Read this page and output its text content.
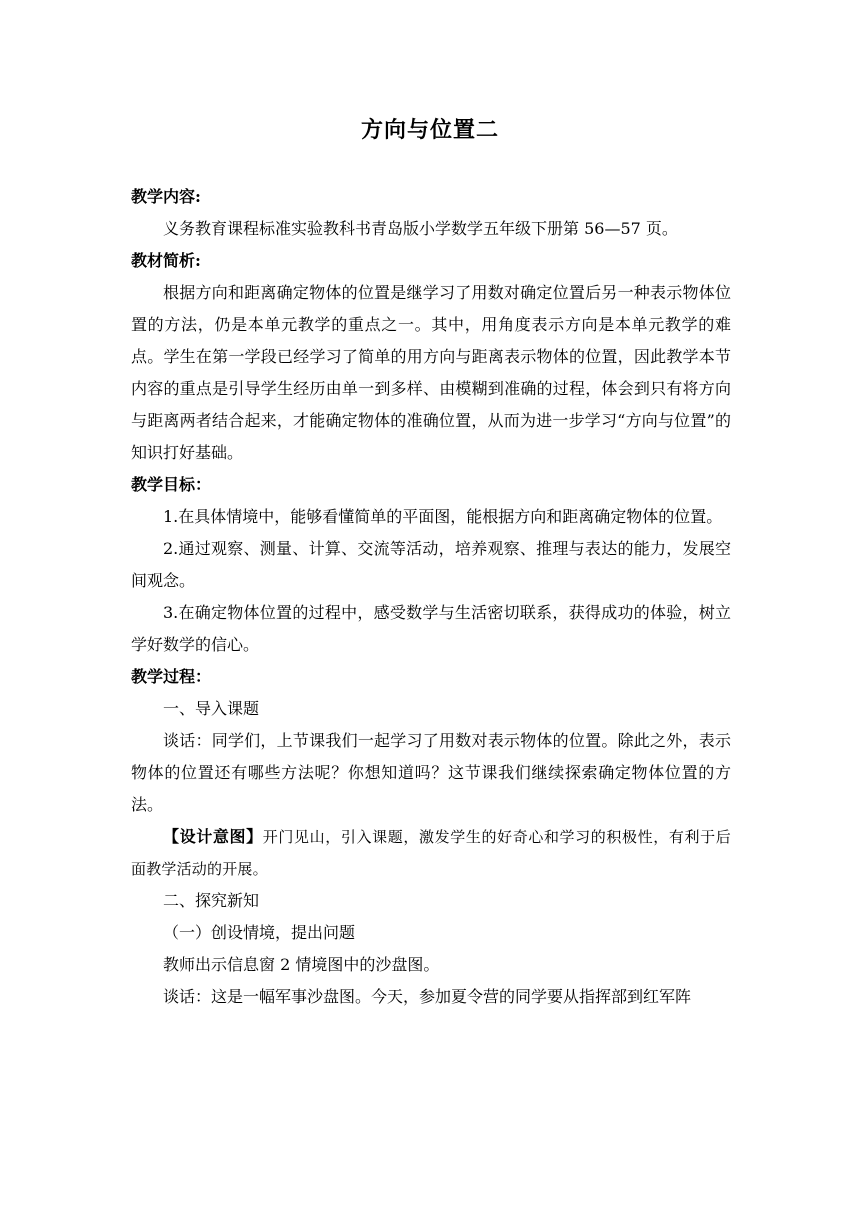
方向与位置二

教学内容:

义务教育课程标准实验教科书青岛版小学数学五年级下册第 56—57 页。

教材简析:

根据方向和距离确定物体的位置是继学习了用数对确定位置后另一种表示物体位置的方法，仍是本单元教学的重点之一。其中，用角度表示方向是本单元教学的难点。学生在第一学段已经学习了简单的用方向与距离表示物体的位置，因此教学本节内容的重点是引导学生经历由单一到多样、由模糊到准确的过程，体会到只有将方向与距离两者结合起来，才能确定物体的准确位置，从而为进一步学习“方向与位置”的知识打好基础。

教学目标：

1.在具体情境中，能够看懂简单的平面图，能根据方向和距离确定物体的位置。

2.通过观察、测量、计算、交流等活动，培养观察、推理与表达的能力，发展空间观念。

3.在确定物体位置的过程中，感受数学与生活密切联系，获得成功的体验，树立学好数学的信心。

教学过程：

一、导入课题

谈话：同学们，上节课我们一起学习了用数对表示物体的位置。除此之外，表示物体的位置还有哪些方法呢？你想知道吗？这节课我们继续探索确定物体位置的方法。

【设计意图】开门见山，引入课题，激发学生的好奇心和学习的积极性，有利于后面教学活动的开展。

二、探究新知

（一）创设情境，提出问题

教师出示信息窗 2 情境图中的沙盘图。

谈话：这是一幅军事沙盘图。今天，参加夏令营的同学要从指挥部到红军阵
